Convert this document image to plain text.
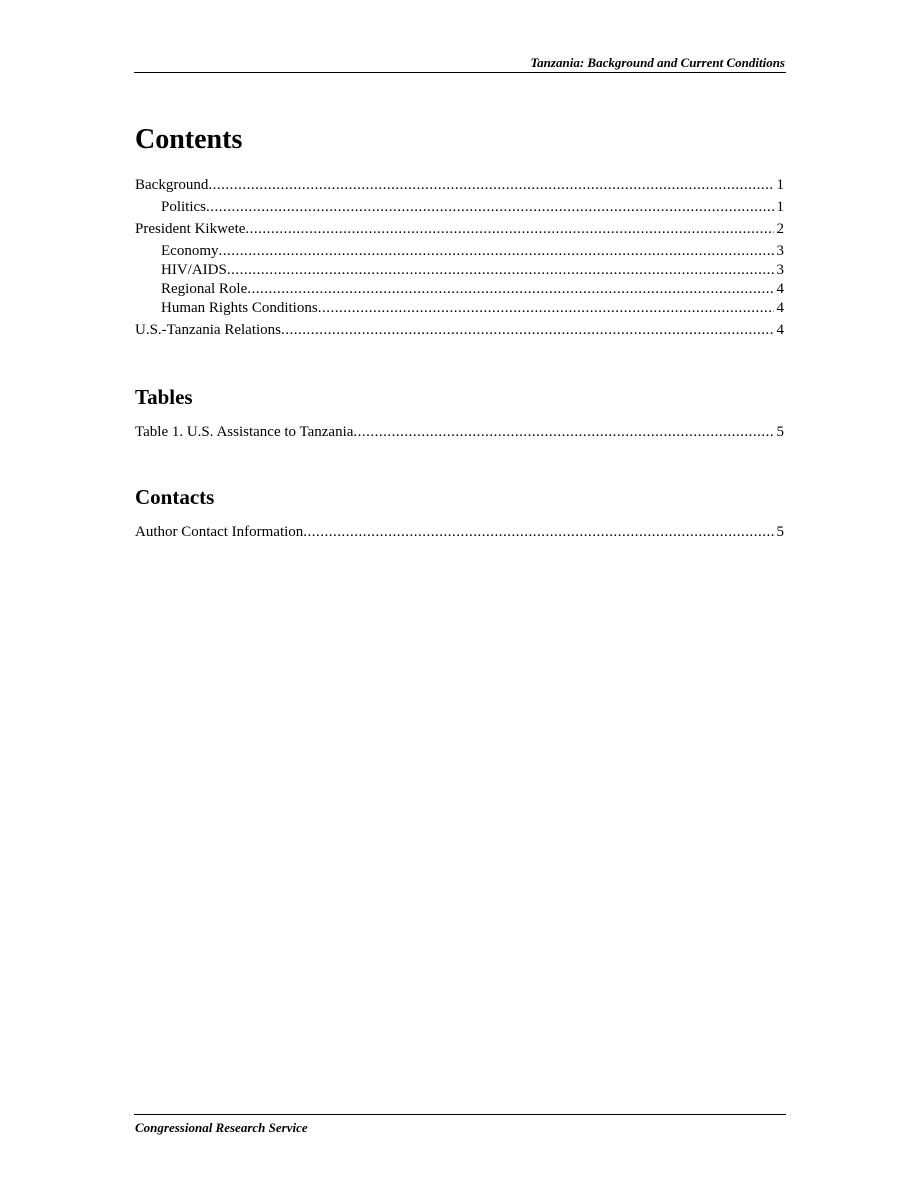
Tanzania: Background and Current Conditions
Contents
Background .....	1
Politics .....	1
President Kikwete .....	2
Economy .....	3
HIV/AIDS .....	3
Regional Role .....	4
Human Rights Conditions .....	4
U.S.-Tanzania Relations .....	4
Tables
Table 1. U.S. Assistance to Tanzania .....	5
Contacts
Author Contact Information .....	5
Congressional Research Service
